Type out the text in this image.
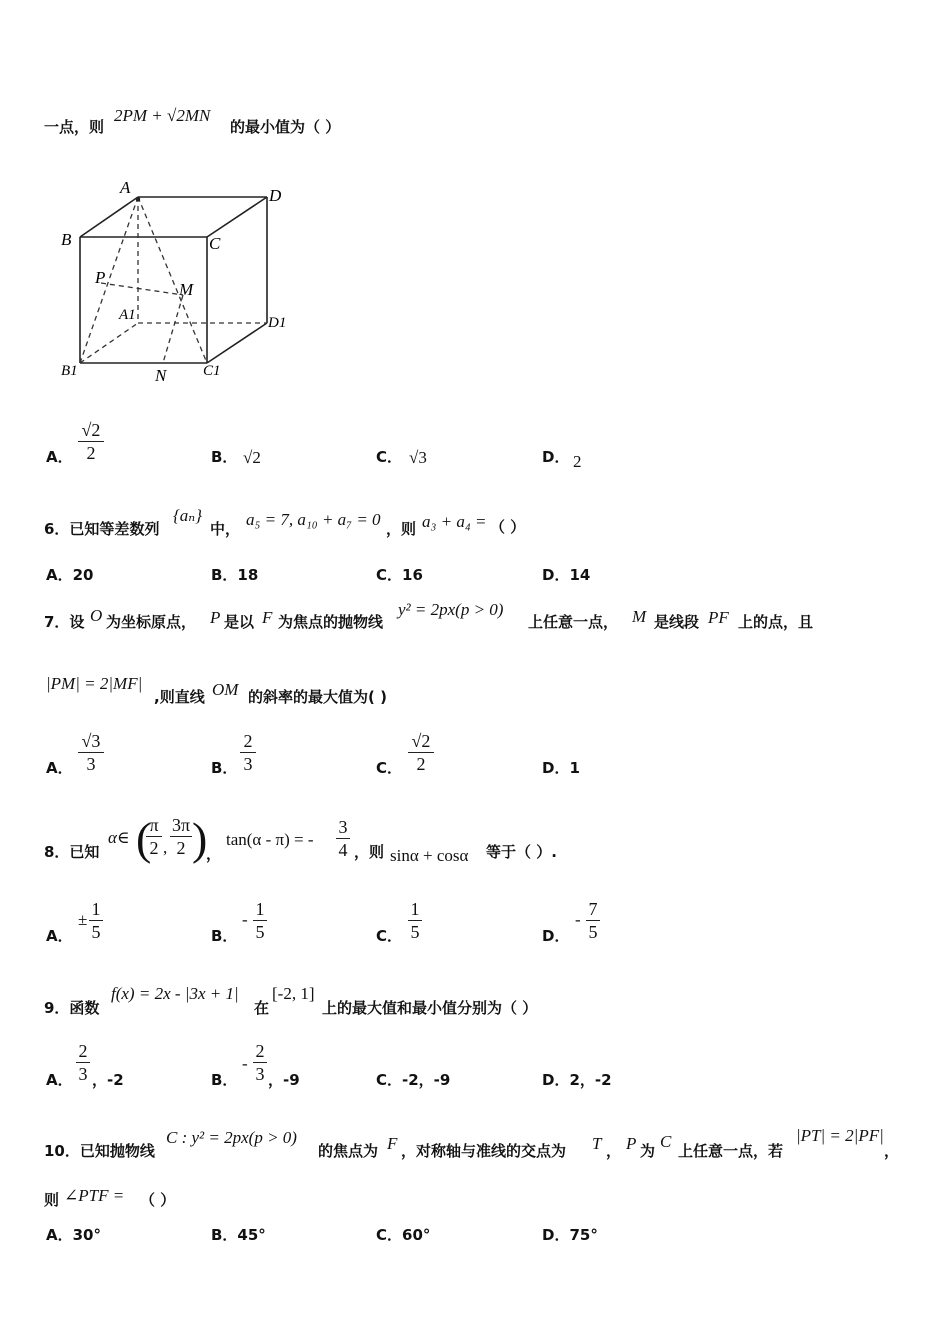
一点，则
2PM + √2MN
的最小值为（ ）
A	D
B	C
P
M
A1	D1
B1	N C1
A．
√2
2	B． √2	C． √3	D． 2
6．已知等差数列
{aₙ}
中， a₅ = 7, a₁₀ + a₇ = 0 ，则 a₃ + a₄ = （ ）
A．20	B．18	C．16	D．14
7．设 O 为坐标原点， P 是以 F 为焦点的抛物线
y² = 2px(p > 0)
上任意一点， M 是线段 PF 上的点，且
|PM| = 2|MF|
,则直线 OM 的斜率的最大值为( )
A．
√3
3	B．
2
3	C．
√2
2	D．1
8．已知
α∈ (
π
2 ,
3π
2 )
，
tan(α - π) = -
3
4 ，则 sinα + cosα 等于（ ）.
A．
±
1
5	B．
-
1
5	C．
1
5	D．
-
7
5
9．函数
f(x) = 2x - |3x + 1|
在
[-2, 1]
上的最大值和最小值分别为（ ）
A．
2
3 ，-2	B．
-
2
3 ，-9	C．-2，-9	D．2，-2
10．已知抛物线
C : y² = 2px(p > 0)
的焦点为 F ，对称轴与准线的交点为 T ， P 为 C 上任意一点，若
|PT| = 2|PF|
，
则 ∠PTF = （ ）
A．30°	B．45°	C．60°	D．75°
